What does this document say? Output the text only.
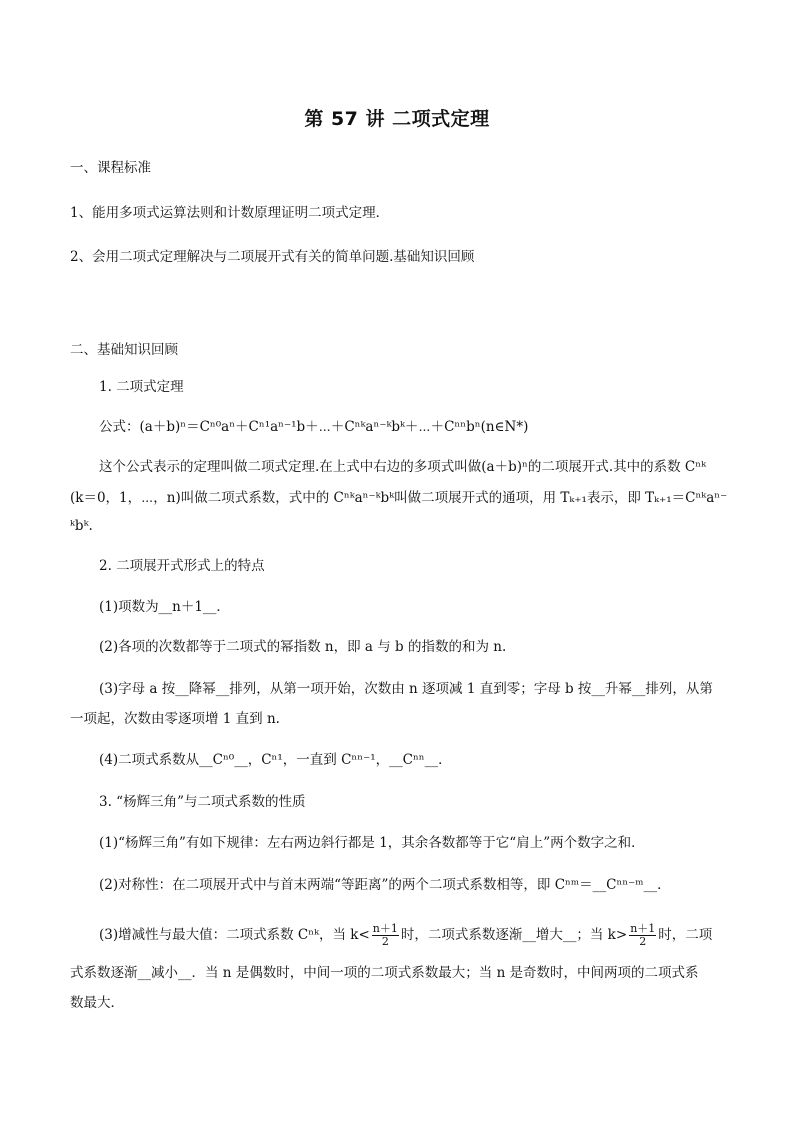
第 57 讲 二项式定理
一、课程标准
1、能用多项式运算法则和计数原理证明二项式定理．
2、会用二项式定理解决与二项展开式有关的简单问题.基础知识回顾
二、基础知识回顾
1. 二项式定理
公式：(a＋b)ⁿ＝Cⁿ⁰aⁿ＋Cⁿ¹aⁿ⁻¹b＋⋯＋Cⁿᵏaⁿ⁻ᵏbᵏ＋⋯＋Cⁿⁿbⁿ(n∈N*)
这个公式表示的定理叫做二项式定理.在上式中右边的多项式叫做(a＋b)ⁿ的二项展开式.其中的系数 Cⁿᵏ
(k＝0，1，⋯，n)叫做二项式系数，式中的 Cⁿᵏaⁿ⁻ᵏbᵏ叫做二项展开式的通项，用 Tₖ₊₁表示，即 Tₖ₊₁＝Cⁿᵏaⁿ⁻
ᵏbᵏ.
2. 二项展开式形式上的特点
(1)项数为__n＋1__．
(2)各项的次数都等于二项式的幂指数 n，即 a 与 b 的指数的和为 n.
(3)字母 a 按__降幂__排列，从第一项开始，次数由 n 逐项减 1 直到零；字母 b 按__升幂__排列，从第
一项起，次数由零逐项增 1 直到 n.
(4)二项式系数从__Cⁿ⁰__，Cⁿ¹，一直到 Cⁿⁿ⁻¹，__Cⁿⁿ__．
3. “杨辉三角”与二项式系数的性质
(1)“杨辉三角”有如下规律：左右两边斜行都是 1，其余各数都等于它“肩上”两个数字之和．
(2)对称性：在二项展开式中与首末两端“等距离”的两个二项式系数相等，即 Cⁿᵐ＝__Cⁿⁿ⁻ᵐ__．
(3)增减性与最大值：二项式系数 Cⁿᵏ，当 $k< \frac{n+1}{2}$ 时，二项式系数逐渐__增大__；当 $k> \frac{n+1}{2}$ 时，二项
式系数逐渐__减小__．当 n 是偶数时，中间一项的二项式系数最大；当 n 是奇数时，中间两项的二项式系
数最大．
